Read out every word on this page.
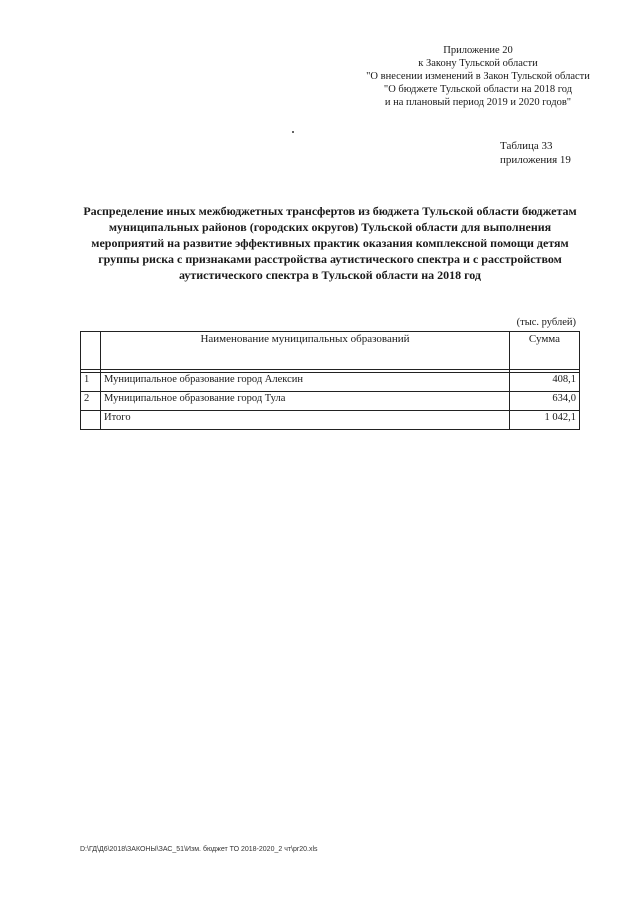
Приложение 20
к Закону Тульской области
"О внесении изменений в Закон Тульской области
"О бюджете Тульской области на 2018 год
и на плановый период 2019 и 2020 годов"
Таблица 33
приложения 19
Распределение иных межбюджетных трансфертов из бюджета Тульской области бюджетам муниципальных районов (городских округов) Тульской области для выполнения мероприятий на развитие эффективных практик оказания комплексной помощи детям группы риска с признаками расстройства аутистического спектра и с расстройством аутистического спектра в Тульской области на 2018 год
(тыс. рублей)
	Наименование муниципальных образований	Сумма

1	Муниципальное образование город Алексин	408,1
2	Муниципальное образование город Тула	634,0
	Итого	1 042,1
D:\ГД\Д6\2018\ЗАКОНЫ\ЗАС_51\Изм. бюджет ТО 2018-2020_2 чт\pr20.xls
